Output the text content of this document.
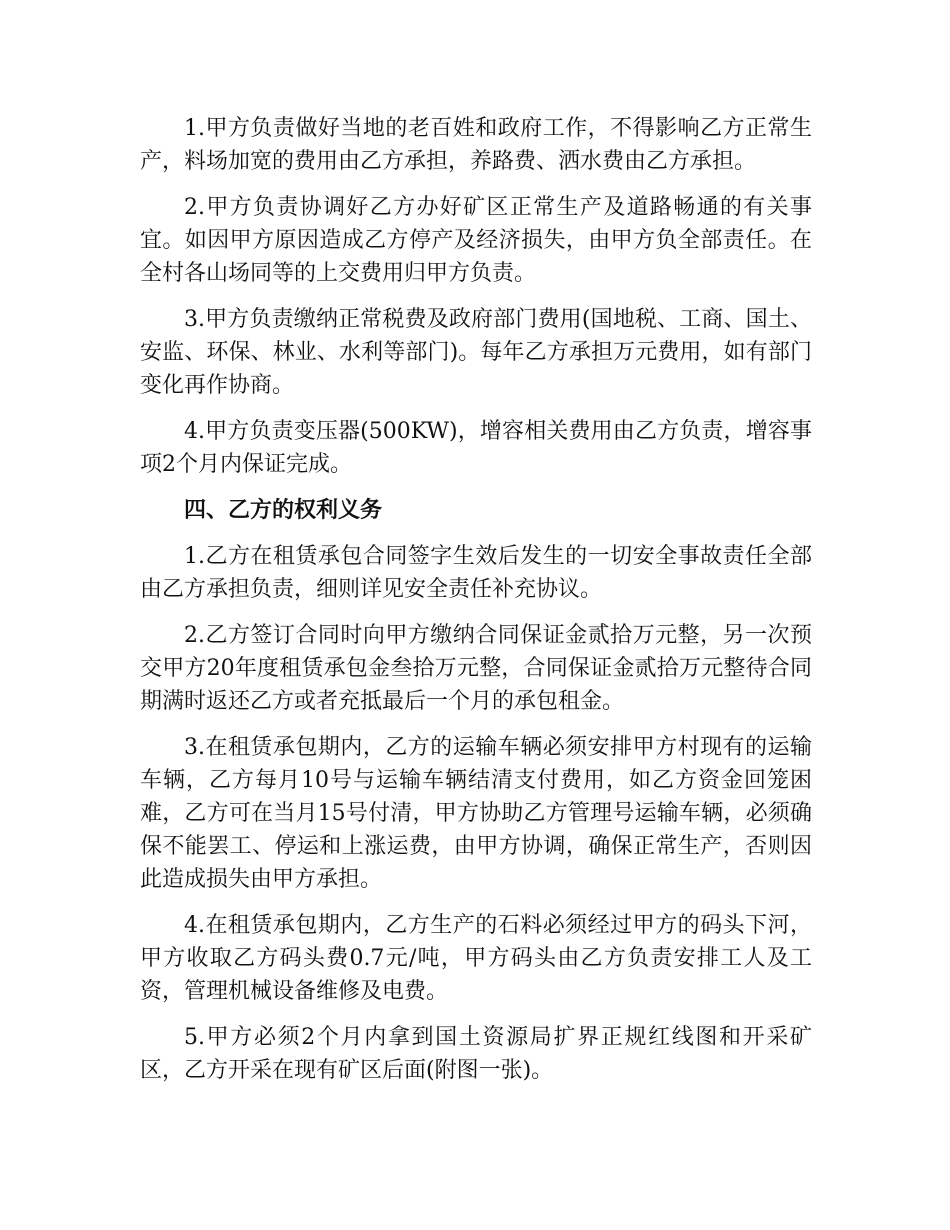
1.甲方负责做好当地的老百姓和政府工作，不得影响乙方正常生产，料场加宽的费用由乙方承担，养路费、洒水费由乙方承担。

2.甲方负责协调好乙方办好矿区正常生产及道路畅通的有关事宜。如因甲方原因造成乙方停产及经济损失，由甲方负全部责任。在全村各山场同等的上交费用归甲方负责。

3.甲方负责缴纳正常税费及政府部门费用(国地税、工商、国土、安监、环保、林业、水利等部门)。每年乙方承担万元费用，如有部门变化再作协商。

4.甲方负责变压器(500KW)，增容相关费用由乙方负责，增容事项2个月内保证完成。

四、乙方的权利义务

1.乙方在租赁承包合同签字生效后发生的一切安全事故责任全部由乙方承担负责，细则详见安全责任补充协议。

2.乙方签订合同时向甲方缴纳合同保证金贰拾万元整，另一次预交甲方20年度租赁承包金叁拾万元整，合同保证金贰拾万元整待合同期满时返还乙方或者充抵最后一个月的承包租金。

3.在租赁承包期内，乙方的运输车辆必须安排甲方村现有的运输车辆，乙方每月10号与运输车辆结清支付费用，如乙方资金回笼困难，乙方可在当月15号付清，甲方协助乙方管理号运输车辆，必须确保不能罢工、停运和上涨运费，由甲方协调，确保正常生产，否则因此造成损失由甲方承担。

4.在租赁承包期内，乙方生产的石料必须经过甲方的码头下河，甲方收取乙方码头费0.7元/吨，甲方码头由乙方负责安排工人及工资，管理机械设备维修及电费。

5.甲方必须2个月内拿到国土资源局扩界正规红线图和开采矿区，乙方开采在现有矿区后面(附图一张)。
